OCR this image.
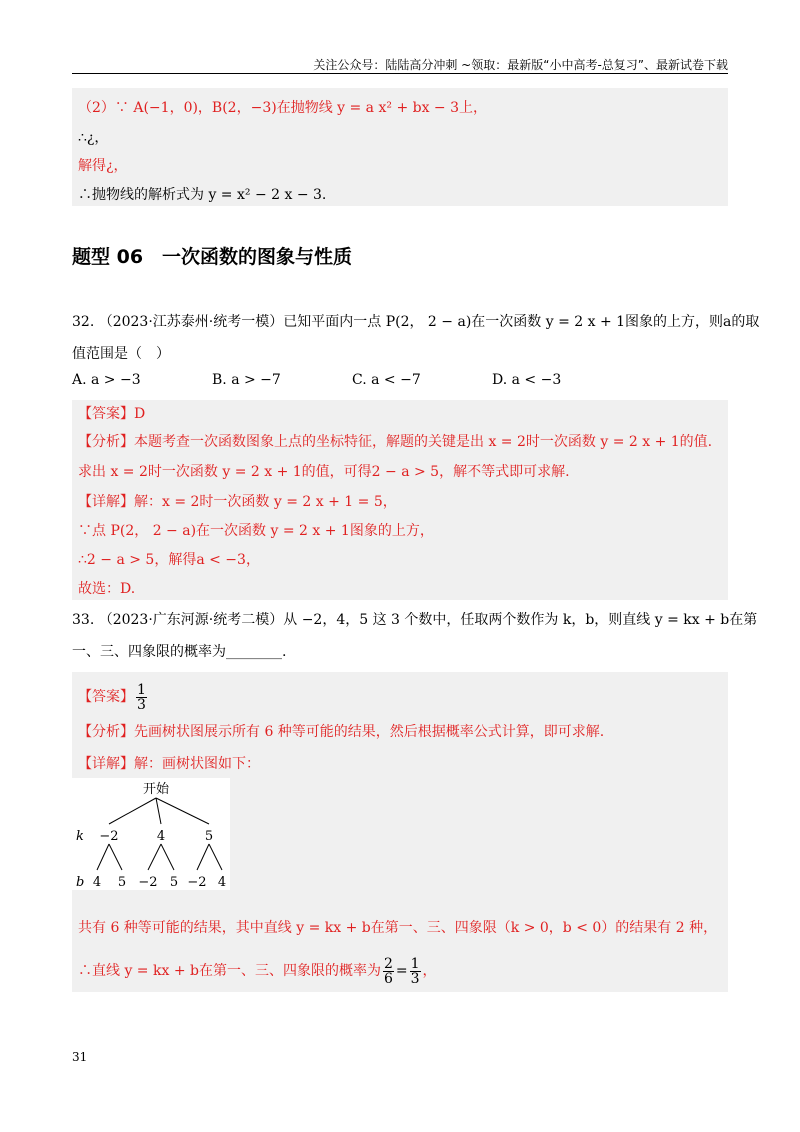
关注公众号：陆陆高分冲刺 ~领取：最新版“小中高考-总复习”、最新试卷下载
（2）∵ A(−1，0)，B(2，−3)在抛物线 y = a x² + bx − 3上，
∴¿，
解得¿，
∴抛物线的解析式为 y = x² − 2 x − 3.
题型 06　一次函数的图象与性质
32. （2023·江苏泰州·统考一模）已知平面内一点 P(2， 2 − a)在一次函数 y = 2 x + 1图象的上方，则a的取
值范围是（　）
A. a > −3	B. a > −7	C. a < −7	D. a < −3
【答案】D
【分析】本题考查一次函数图象上点的坐标特征，解题的关键是出 x = 2时一次函数 y = 2 x + 1的值.
求出 x = 2时一次函数 y = 2 x + 1的值，可得2 − a > 5，解不等式即可求解.
【详解】解：x = 2时一次函数 y = 2 x + 1 = 5，
∵点 P(2， 2 − a)在一次函数 y = 2 x + 1图象的上方，
∴2 − a > 5，解得a < −3，
故选：D.
33. （2023·广东河源·统考二模）从 −2，4，5 这 3 个数中，任取两个数作为 k，b，则直线 y = kx + b在第
一、三、四象限的概率为________.
【答案】 $\frac{1}{3}$
【分析】先画树状图展示所有 6 种等可能的结果，然后根据概率公式计算，即可求解.
【详解】解：画树状图如下：
开始
k −2	4	5
b 4 5 −2 5 −2 4
共有 6 种等可能的结果，其中直线 y = kx + b在第一、三、四象限（k > 0，b < 0）的结果有 2 种，
∴直线 y = kx + b在第一、三、四象限的概率为 $\frac{2}{6} = \frac{1}{3}$ ，
31
